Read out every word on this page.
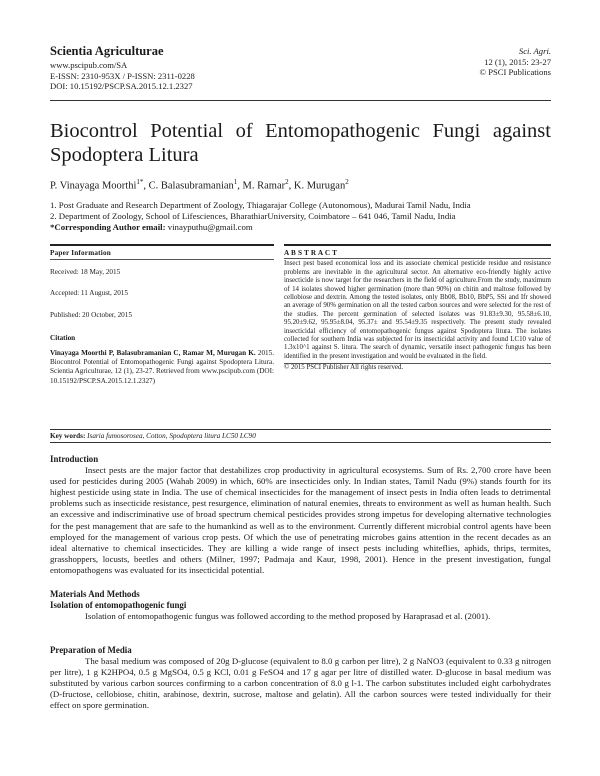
Scientia Agriculturae
www.pscipub.com/SA
E-ISSN: 2310-953X / P-ISSN: 2311-0228
DOI: 10.15192/PSCP.SA.2015.12.1.2327
Sci. Agri.
12 (1), 2015: 23-27
© PSCI Publications
Biocontrol Potential of Entomopathogenic Fungi against
Spodoptera Litura
P. Vinayaga Moorthi$^{1*}$, C. Balasubramanian$^1$, M. Ramar$^2$, K. Murugan$^2$
1. Post Graduate and Research Department of Zoology, Thiagarajar College (Autonomous), Madurai Tamil Nadu, India
2. Department of Zoology, School of Lifesciences, BharathiarUniversity, Coimbatore – 641 046, Tamil Nadu, India
*Corresponding Author email: vinayputhu@gmail.com
Paper Information
Received: 18 May, 2015
Accepted: 11 August, 2015
Published: 20 October, 2015
Citation
Vinayaga Moorthi P, Balasubramanian C, Ramar M, Murugan K. 2015. Biocontrol Potential of Entomopathogenic Fungi against Spodoptera Litura. Scientia Agriculturae, 12 (1), 23-27. Retrieved from www.pscipub.com (DOI: 10.15192/PSCP.SA.2015.12.1.2327)
A B S T R A C T
Insect pest based economical loss and its associate chemical pesticide residue and resistance problems are inevitable in the agricultural sector. An alternative eco-friendly highly active insecticide is now target for the researchers in the field of agriculture.From the study, maximum of 14 isolates showed higher germination (more than 90%) on chitin and maltose followed by cellobiose and dextrin. Among the tested isolates, only Bb08, Bb10, BbP5, SSi and Ifr showed an average of 90% germination on all the tested carbon sources and were selected for the rest of the studies. The percent germination of selected isolates was 91.83±9.30, 95.58±6.10, 95.20±9.62, 95.95±8.04, 95.37± and 95.54±9.35 respectively. The present study revealed insecticidal efficiency of entomopathogenic fungus against Spodoptera litura. The isolates collected for southern India was subjected for its insecticidal activity and found LC10 value of 1.3x10^1 against S. litura. The search of dynamic, versatile insect pathogenic fungus has been identified in the present investigation and would be evaluated in the field.
© 2015 PSCI Publisher All rights reserved.
Key words: Isaria fumosorosea, Cotton, Spodoptera litura LC50 LC90
Introduction
Insect pests are the major factor that destabilizes crop productivity in agricultural ecosystems. Sum of Rs. 2,700 crore have been used for pesticides during 2005 (Wahab 2009) in which, 60% are insecticides only. In Indian states, Tamil Nadu (9%) stands fourth for its highest pesticide using state in India. The use of chemical insecticides for the management of insect pests in India often leads to detrimental problems such as insecticide resistance, pest resurgence, elimination of natural enemies, threats to environment as well as human health. Such an excessive and indiscriminative use of broad spectrum chemical pesticides provides strong impetus for developing alternative technologies for the pest management that are safe to the humankind as well as to the environment. Currently different microbial control agents have been employed for the management of various crop pests. Of which the use of penetrating microbes gains attention in the recent decades as an ideal alternative to chemical insecticides. They are killing a wide range of insect pests including whiteflies, aphids, thrips, termites, grasshoppers, locusts, beetles and others (Milner, 1997; Padmaja and Kaur, 1998, 2001). Hence in the present investigation, fungal entomopathogens was evaluated for its insecticidal potential.
Materials And Methods
Isolation of entomopathogenic fungi
Isolation of entomopathogenic fungus was followed according to the method proposed by Haraprasad et al. (2001).
Preparation of Media
The basal medium was composed of 20g D-glucose (equivalent to 8.0 g carbon per litre), 2 g NaNO3 (equivalent to 0.33 g nitrogen per litre), 1 g K2HPO4, 0.5 g MgSO4, 0.5 g KCl, 0.01 g FeSO4 and 17 g agar per litre of distilled water. D-glucose in basal medium was substituted by various carbon sources confirming to a carbon concentration of 8.0 g l-1. The carbon substitutes included eight carbohydrates (D-fructose, cellobiose, chitin, arabinose, dextrin, sucrose, maltose and gelatin). All the carbon sources were tested individually for their effect on spore germination.
